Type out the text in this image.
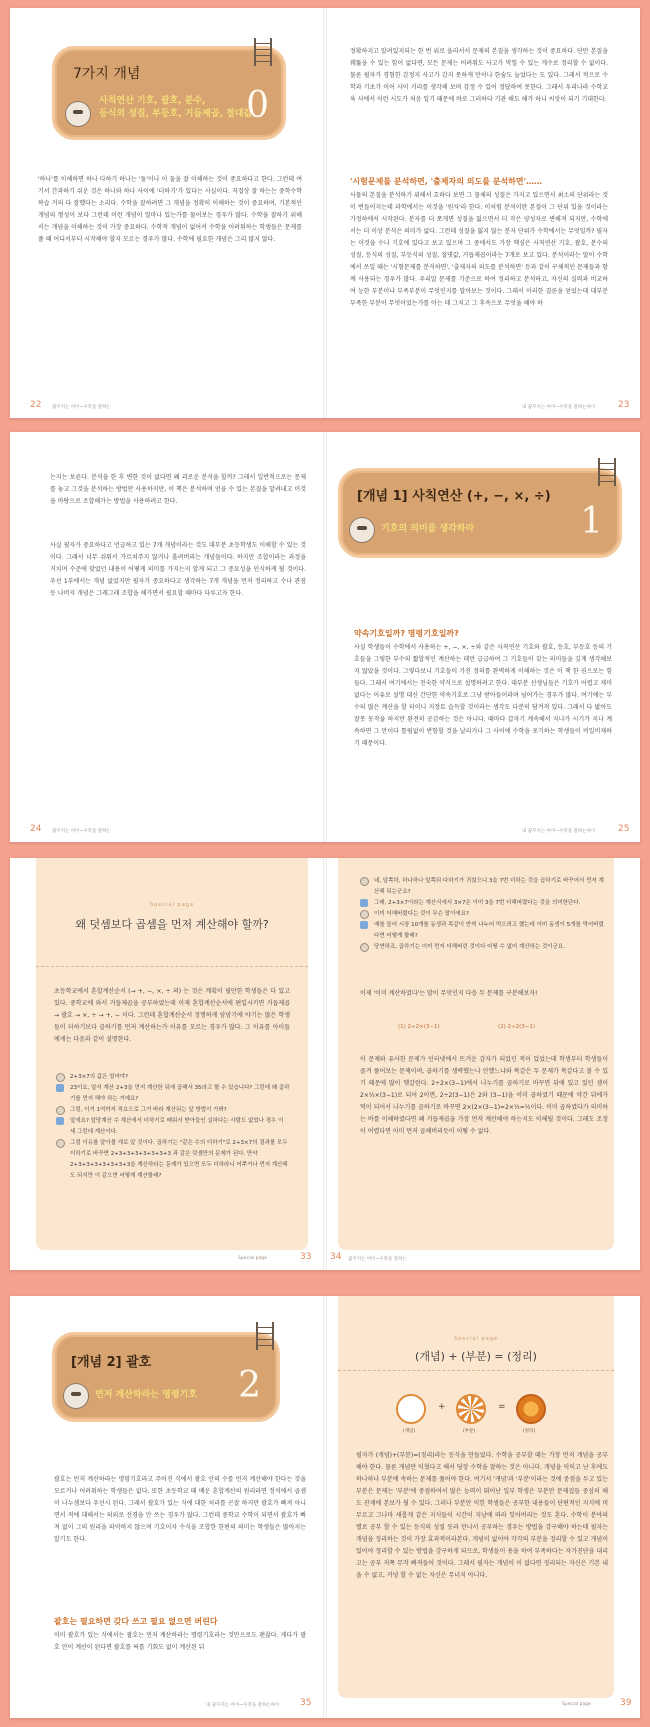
7가지 개념
사칙연산 기호, 괄호, 분수,
등식의 성질, 부등호, 거듭제곱, 절대값
0
'하나'를 이해하면 하나 다하기 하나는 '둘'이나 이 둘을 잘 이해하는 것이 중요하다고 한다. 그런데 여기서 간과하기 쉬운 것은 하나와 하나 사이에 '더하기'가 있다는 사실이다. 직접상 잘 하는는 중학수학 복습 거의 다 잘했다는 소리다. 수학을 잘하려면 그 개념을 정확히 이해하는 것이 중요하며, 기본적인 개념의 형성이 보다 그런데 이런 개념이 얼마나 있는가를 물어보는 경우가 많다. 수학을 잘하기 위해서는 개념을 이해하는 것이 가장 중요하다. 수학적 개념이 없어서 수학을 어려워하는 학생들은 문제를 풀 때 어디서부터 시작해야 할지 모르는 경우가 많다. 수학에 필요한 개념은 그리 많지 않다.
22 꿈꾸지는 아이~수학을 잘하는
정확하지고 알려있지되는 한 번 위로 올라서서 문제의 본질을 생각하는 것이 중요하다. 단만 본질을 꿰뚫을 수 있는 힘이 없다면, 모든 문제는 어려워도 사고가 막힐 수 있는 개수로 정리할 수 없이다. 물론 필자가 경험한 감정지 사고가 감지 못하게 만이나 한숨도 늘었다는 도 있다. 그래서 적으로 수학과 기초가 이어 사이 거리를 생각해 보며 감정 수 있어 정답하여 못한다. 그래서 우리나라 수학교육 사에서 이런 시도가 처음 일기 때문에 바로 그러하다 기관 해도 해가 하니 씨앗이 되기 기대한다.
'시험문제를 분석하면, '출제자의 의도를 분석하면'……
사물의 본질을 분석하기 위해서 흐하다 보면 그 물체의 성질은 가지고 있으면서 최소의 단위라는 것이 번들어지는데 과학에서는 이것을 '원자'라 한다. 이처럼 분석이란 본질이 그 단위 있을 것이라는 가정하에서 시작된다. 분자를 더 쪼개면 성질을 잃으면서 더 작은 양성자로 변해져 되지만, 수학에서는 더 이상 분석은 의미가 없다. 그런데 성질을 잃지 않는 분자 단위가 수학에서는 무엇일까? 필자는 이것을 수나 기호에 있다고 보고 있으며 그 중에서도 가장 핵심은 사칙연산 기호, 괄호, 분수의 성질, 등식의 성질, 부등식의 성질, 절댓값, 거듭제곱이라는 7개로 보고 있다. 분석이라는 말이 수학에서 쓰일 때는 '시험문제를 분석하면', '출제자의 의도를 분석하면' 등과 같이 구체적인 문제들과 함께 사용되는 경우가 많다. 우리말 문제를 기준으로 하여 정리하고 분석하고, 자신의 실력과 비교하여 능한 부분이냐 부족부분이 무엇인지를 알아보는 것이다. 그래서 이러한 결론을 얻었는데 대부분 부족한 부분이 무엇이었는가를 아는 데 그치고 그 후속으로 무엇을 해야 하
내 꿈꾸지는 아이~수학을 잘하는아이	23
는지는 보른다. 분석을 한 후 변한 것이 없다면 왜 괴로운 분석을 할까? 그래서 일반적으로는 문제를 놓고 그것을 분석하는 방법만 사용하지만, 이 책은 분석하며 얻을 수 있는 본질을 알려내고 이것을 바탕으로 조합해가는 방법을 사용하려고 한다.
사실 필자가 중요하다고 언급하고 있는 7개 개념이라는 것도 대부분 초등학생도 이해할 수 있는 것이다. 그래서 너무 쉬워서 가르쳐주지 않거나 흘려버리는 개념들이다. 하지만 조합이라는 과정을 거치며 수준에 맞었던 내용이 어떻게 의미를 가지는지 알게 되고 그 중요성을 인식하게 될 것이다. 우선 1부에서는 개념 없었지만 필자가 중요하다고 생각하는 7개 개념을 먼저 정리하고 수나 관점 등 나머지 개념은 그래그래 조합을 해가면서 필요할 때마다 다루고자 한다.
24 꿈꾸지는 아이~수학을 잘하는
[개념 1] 사칙연산 (+, −, ×, ÷)
기호의 의미를 생각하라	1
약속기호일까? 명령기호일까?
사실 학생들이 수학에서 사용하는 +, −, ×, ÷와 같은 사칙연산 기호와 괄호, 등호, 부등호 등의 기호들을 그렇한 부수의 짧합적인 계산하는 데만 급급하여 그 기호들이 갖는 의미들을 깊게 생각해보지 않았을 것이다. 그렇다보니 기호들이 가진 정의를 완벽하게 이해하는 것은 이 책 한 권으로는 힘들다. 그래서 여기에서는 친숙한 약식으로 설명하려고 한다. 대부분 선생님들은 기호가 어렵고 재미없다는 이유로 설명 대신 간단한 약속기호로 그냥 받아들이라며 넘어가는 경우가 많다. 여기에는 부수의 많은 계산을 할 터이니 지정토 습득할 것이라는 생각도 다분히 담겨져 있다. 그래서 다 밟아도 잘못 동작을 하지만 완전히 공감하는 것은 아니다. 때마다 갑자기 계속해서 지나가 시기가 지나 계속하면 그 만이다 틀림없이 반항할 것을 날리거나 그 사이에 수학을 포기하는 학생들이 비일비재하기 때문이다.
내 꿈꾸지는 아이~수학을 잘하는아이	25
Special page
왜 덧셈보다 곱셈을 먼저 계산해야 할까?
초등학교에서 혼합계산순서 (→ +, −, ×, ÷ 의) 는 것은 계획이 필만한 학생들은 다 있고 있다. 중학교에 와서 거듭제곱을 공부하였는데 이제 혼합계산순서에 편입시키면 거듭제곱 → 괄호 → ×, ÷ → +, − 이다. 그런데 혼합계산순서 정명하게 암암기에 야기는 많은 학생들이 더하기보다 곱하기를 먼저 계산하는가 이유를 모르는 경우가 많다. 그 이유를 아이들에게는 다음과 같이 설명한다.
2+3×7의 값은 얼마야?
23이요, 앞서 계산 2+3을 먼저 계산한 뒤에 곱해서 35라고 할 수 있습니다? 그런데 왜 곱하기를 먼저 해야 하는 거예요?
그럼, 이거 1억까지 적요으로 그거 바라 계산되는 앞 방법이 가봐?
앞에요? 앞당계산 수 계산에서 더하기로 배워서 받아들인 실하다는 사람도 없었나 경우 이 세 그런데 계산이다.
그럼 이유를 알아볼 개로 알 것이다. 곱하기는 "같은 수의 더하기"로 2+3×7의 결과를 모두 더하기로 바꾸면 2+3+3+3+3+3+3+3 과 같은 덧셈만의 문제가 된다. 만약 2+3+3+3+3+3+3+3을 계산하라는 문제가 있으면 모두 더하라니 어쭈거나 먼저 계산해도 되지만 이 같으면 어떻게 계산할래?
Special page	33
네, 앞쪽하, 하나하나 앞쪽되 다하기가 귀찮으니 3을 7번 더하는 것을 곱하기로 바꾸어서 먼저 계산해 되는군요?
그래, 2+3×7이라는 계산식에서 3×7은 이미 3을 7번 더해버렸다는 것을 의미한단다.
이미 더해버렸다는 것이 무슨 말이에요?
예를 들어 시장 10개를 동생과 똑같이 반씩 나누어 먹으려고 했는데 이미 동생이 5개를 먹어버렸다면 어떻게 할래?
당연하죠, 곱하기는 이미 먼저 더해버린 것이다 어떻 수 없어 계산하는 것이군요.
이제 '이미 계산하였다'는 말이 무엇인지 다음 두 문제를 구분해보자!
(1) 2÷2×(3−1)	(2) 2÷2(3−1)
이 문제와 유사한 문제가 인터넷에서 뜨거운 감자가 되었던 적이 있었는데 학생부터 학생들이 즐겨 풀어보는 문제이며, 곱하기를 생략했는나 안했느냐와 똑같은 두 문제가 똑같다고 볼 수 있기 때문에 많이 헷갈린다. 2÷2×(3−1)에서 나누기를 곱하기로 바꾸면 뒤에 있고 있던 셈이 2×½×(3−1)로 되어 2이면, 2÷2(3−1)은 2와 (3−1)을 이미 곱하였기 때문에 약간 뒤에가 먹이 되어서 나누기를 곱하기로 바꾸면 2×(2×(3−1)=2×½=½이다. 이미 곱하였다가 의미하는 바를 이해하였다면 왜 거듭제곱을 가장 먼저 계산해야 하는지도 이해될 것이다. 그래도 조정이 어렵다면 이미 먼저 곱해버리듯이 어떻 수 없다.
34 꿈꾸지는 아이~수학을 잘하는
[개념 2] 괄호
먼저 계산하라는 명령기호 2
괄호는 먼저 계산하라는 명령기호라고 주어진 식에서 괄호 안의 수를 먼저 계산해야 한다는 것을 모르거나 어려워하는 학생들은 없다. 또한 초등학교 때 배운 혼합계산의 원리라면 정석에서 곱셈이 나누셈보다 우선시 된다. 그래서 괄호가 있는 식에 대한 처리를 곤잘 하지만 괄호가 빠져 아니면서 적에 대해서는 의외로 신경을 안 쓰는 경우가 많다. 그런데 중학교 수학이 되면서 괄호가 빠져 없이 그의 원리을 파악하지 않으며 기호이자 수식을 조합한 한편의 의미는 학생들은 많아지는 알기도 한다.
괄호는 필요하면 갖다 쓰고 필요 없으면 버린다
이미 괄호가 있는 식에서는 괄호는 먼저 계산하라는 명령기호라는 것만으로도 괜찮다. 게다가 괄호 안이 계산이 된다면 괄호를 써를 기회도 없이 계산된 뒤
내 꿈꾸지는 아이~수학을 잘하는아이 35
Special page
(개념) + (부분) = (정리)
+	=
(개념)	(부분)	(정리)
필자가 (개념)+(부분)=(정리)라는 등식을 만들었다. 수학을 공부할 때는 가장 먼저 개념을 공부해야 한다. 물론 개념만 익혔다고 해서 당장 수학을 잘하는 것은 아니다. 개념을 익히고 난 후에도 하나하나 부분에 속하는 문제를 풀어야 한다. 여기서 '개념'과 '부분'이라는 것에 중점을 두고 있는 부분은 문제는 '부분'에 중점하여서 많은 능력이 뛰어난 일부 학생은 부분만 문제집들 중심히 해도 잔재에 본보가 될 수 있다. 그러나 부분만 익힌 학생들은 공부한 내용들이 단편적인 지식에 머무르고 그나마 새롭게 같은 지식들이 시간이 지남에 따라 잊어버리는 것도 혼다. 수학이 분야의 별로 공부 할 수 있는 등식의 성질 등과 만나서 공부하는 경우는 방법을 강구해야 하는데 필자는 개념을 정리하는 것이 가장 효과적이라본다. 개념이 없어야 각각의 부분을 정리할 수 있고 개념이 있어야 정리할 수 있는 방법을 강구하게 되므로, 학생들이 용을 하여 부족하다는 자가진단을 내리고는 공부 저쪽 무작 빠져들어 것이다. 그래서 필자는 개념이 이 없다면 정리되는 자신은 기본 내 을 수 없고, 커녕 할 수 없는 자신은 무너지 아니다.
Special page	39
